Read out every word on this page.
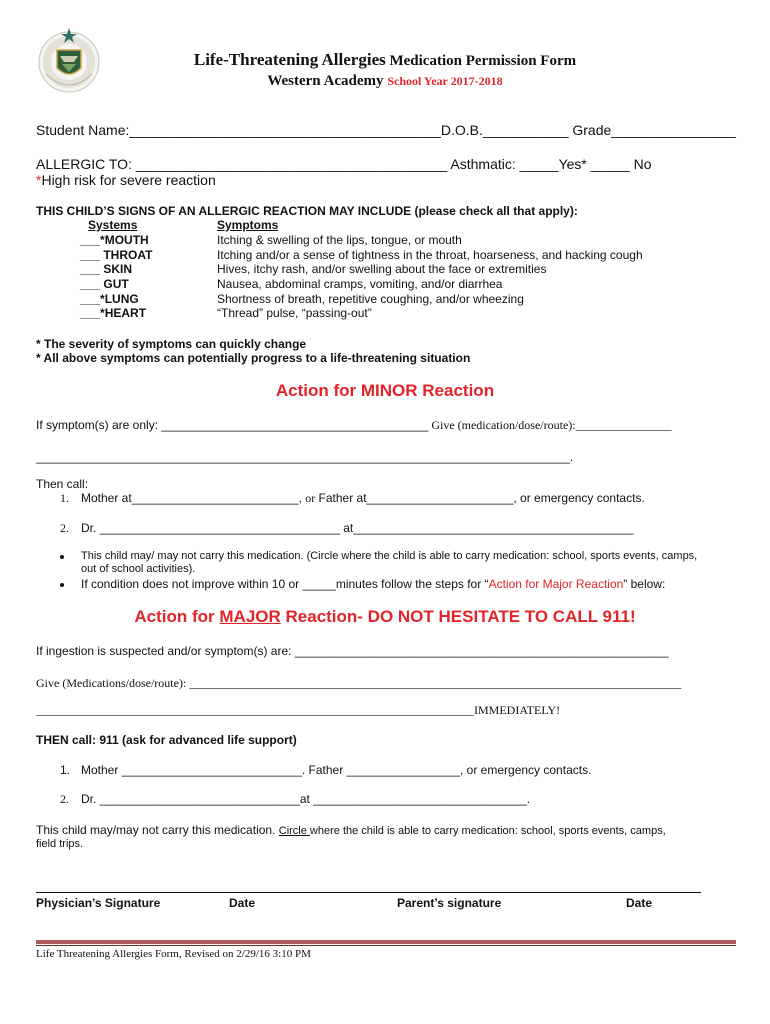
Life-Threatening Allergies Medication Permission Form
Western Academy School Year 2017-2018
Student Name:________________________________________D.O.B.___________ Grade________________
ALLERGIC TO: ________________________________________ Asthmatic: _____Yes* _____ No
*High risk for severe reaction
THIS CHILD’S SIGNS OF AN ALLERGIC REACTION MAY INCLUDE (please check all that apply):
Systems	Symptoms
___*MOUTH	Itching & swelling of the lips, tongue, or mouth
___ THROAT	Itching and/or a sense of tightness in the throat, hoarseness, and hacking cough
___ SKIN	Hives, itchy rash, and/or swelling about the face or extremities
___ GUT	Nausea, abdominal cramps, vomiting, and/or diarrhea
___*LUNG	Shortness of breath, repetitive coughing, and/or wheezing
___*HEART	“Thread” pulse, “passing-out”
* The severity of symptoms can quickly change
* All above symptoms can potentially progress to a life-threatening situation
Action for MINOR Reaction
If symptom(s) are only: ________________________________________ Give (medication/dose/route):________________
________________________________________________________________________________.
Then call:
1. Mother at_________________________, or Father at______________________, or emergency contacts.
2. Dr. ____________________________________ at__________________________________________
This child may/ may not carry this medication. (Circle where the child is able to carry medication: school, sports events, camps,
out of school activities).
If condition does not improve within 10 or _____minutes follow the steps for “Action for Major Reaction” below:
Action for MAJOR Reaction- DO NOT HESITATE TO CALL 911!
If ingestion is suspected and/or symptom(s) are: ________________________________________________________
Give (Medications/dose/route): __________________________________________________________________________________
_________________________________________________________________________IMMEDIATELY!
THEN call: 911 (ask for advanced life support)
1. Mother ___________________________. Father _________________, or emergency contacts.
2. Dr. ______________________________at ________________________________.
This child may/may not carry this medication. Circle where the child is able to carry medication: school, sports events, camps,
field trips.
Physician’s Signature	Date	Parent’s signature	Date
Life Threatening Allergies Form, Revised on 2/29/16 3:10 PM
